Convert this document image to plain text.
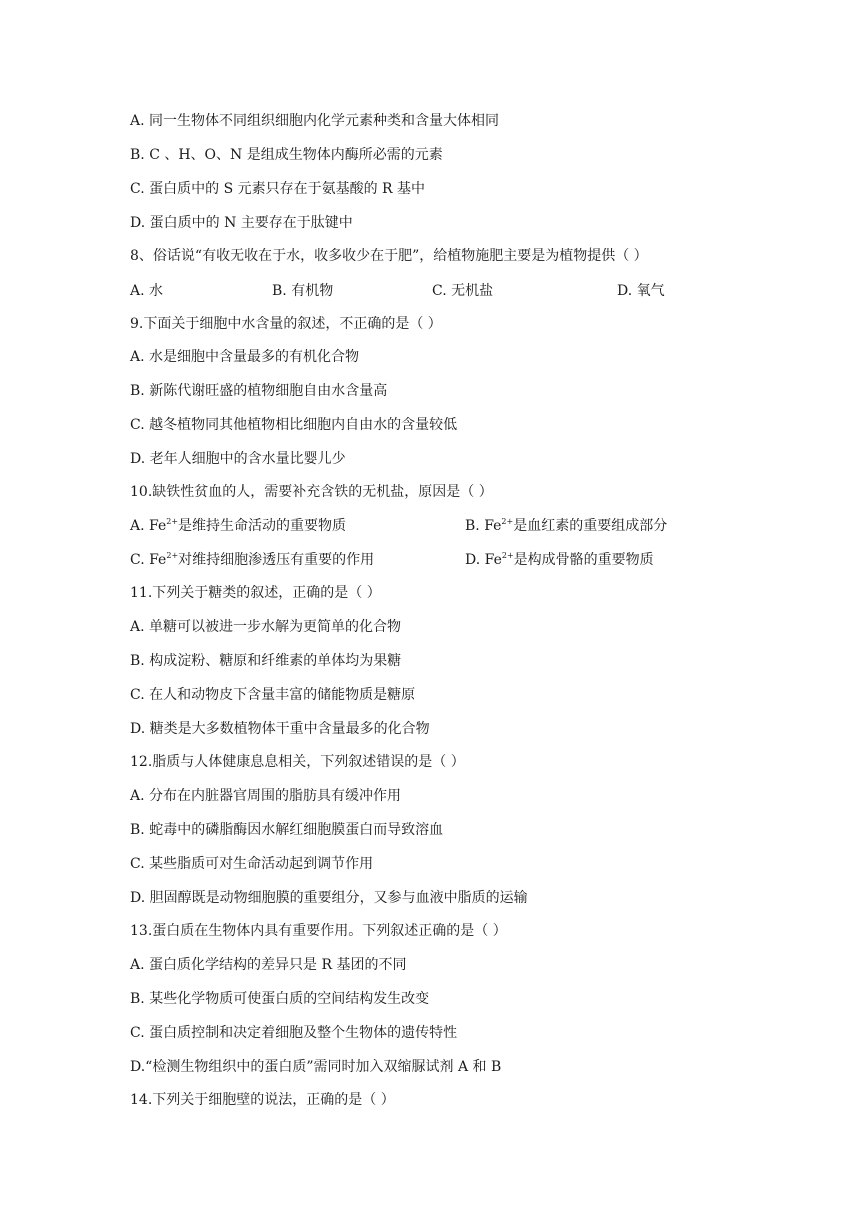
A. 同一生物体不同组织细胞内化学元素种类和含量大体相同
B. C 、H、O、N 是组成生物体内酶所必需的元素
C. 蛋白质中的 S 元素只存在于氨基酸的 R 基中
D. 蛋白质中的 N 主要存在于肽键中
8、俗话说“有收无收在于水，收多收少在于肥”，给植物施肥主要是为植物提供（ ）
A. 水	B. 有机物	C. 无机盐	D. 氧气
9.下面关于细胞中水含量的叙述，不正确的是（ ）
A. 水是细胞中含量最多的有机化合物
B. 新陈代谢旺盛的植物细胞自由水含量高
C. 越冬植物同其他植物相比细胞内自由水的含量较低
D. 老年人细胞中的含水量比婴儿少
10.缺铁性贫血的人，需要补充含铁的无机盐，原因是（ ）
A. $Fe^{2+}$是维持生命活动的重要物质	B. $Fe^{2+}$是血红素的重要组成部分
C. $Fe^{2+}$对维持细胞渗透压有重要的作用	D. $Fe^{2+}$是构成骨骼的重要物质
11.下列关于糖类的叙述，正确的是（ ）
A. 单糖可以被进一步水解为更简单的化合物
B. 构成淀粉、糖原和纤维素的单体均为果糖
C. 在人和动物皮下含量丰富的储能物质是糖原
D. 糖类是大多数植物体干重中含量最多的化合物
12.脂质与人体健康息息相关，下列叙述错误的是（ ）
A. 分布在内脏器官周围的脂肪具有缓冲作用
B. 蛇毒中的磷脂酶因水解红细胞膜蛋白而导致溶血
C. 某些脂质可对生命活动起到调节作用
D. 胆固醇既是动物细胞膜的重要组分，又参与血液中脂质的运输
13.蛋白质在生物体内具有重要作用。下列叙述正确的是（ ）
A. 蛋白质化学结构的差异只是 R 基团的不同
B. 某些化学物质可使蛋白质的空间结构发生改变
C. 蛋白质控制和决定着细胞及整个生物体的遗传特性
D.“检测生物组织中的蛋白质”需同时加入双缩脲试剂 A 和 B
14.下列关于细胞壁的说法，正确的是（ ）
